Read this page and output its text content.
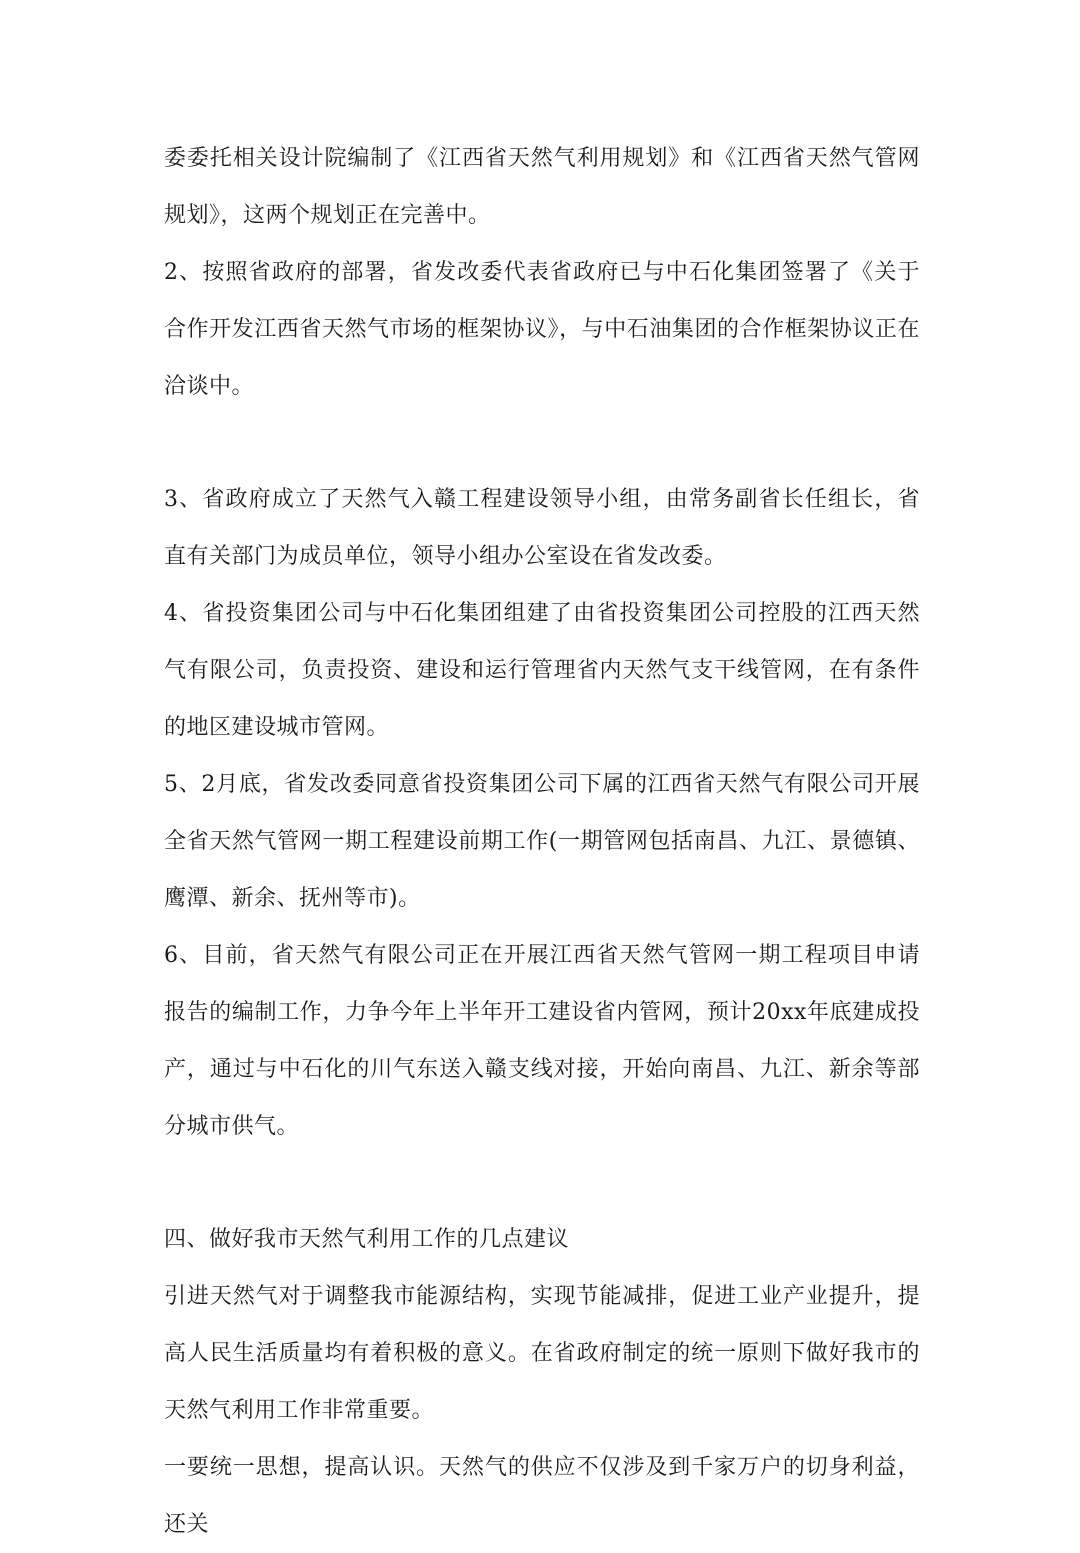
委委托相关设计院编制了《江西省天然气利用规划》和《江西省天然气管网规划》，这两个规划正在完善中。

2、按照省政府的部署，省发改委代表省政府已与中石化集团签署了《关于合作开发江西省天然气市场的框架协议》，与中石油集团的合作框架协议正在洽谈中。

3、省政府成立了天然气入赣工程建设领导小组，由常务副省长任组长，省直有关部门为成员单位，领导小组办公室设在省发改委。

4、省投资集团公司与中石化集团组建了由省投资集团公司控股的江西天然气有限公司，负责投资、建设和运行管理省内天然气支干线管网，在有条件的地区建设城市管网。

5、2月底，省发改委同意省投资集团公司下属的江西省天然气有限公司开展全省天然气管网一期工程建设前期工作(一期管网包括南昌、九江、景德镇、鹰潭、新余、抚州等市)。

6、目前，省天然气有限公司正在开展江西省天然气管网一期工程项目申请报告的编制工作，力争今年上半年开工建设省内管网，预计20xx年底建成投产，通过与中石化的川气东送入赣支线对接，开始向南昌、九江、新余等部分城市供气。

四、做好我市天然气利用工作的几点建议

引进天然气对于调整我市能源结构，实现节能减排，促进工业产业提升，提高人民生活质量均有着积极的意义。在省政府制定的统一原则下做好我市的天然气利用工作非常重要。

一要统一思想，提高认识。天然气的供应不仅涉及到千家万户的切身利益，还关
